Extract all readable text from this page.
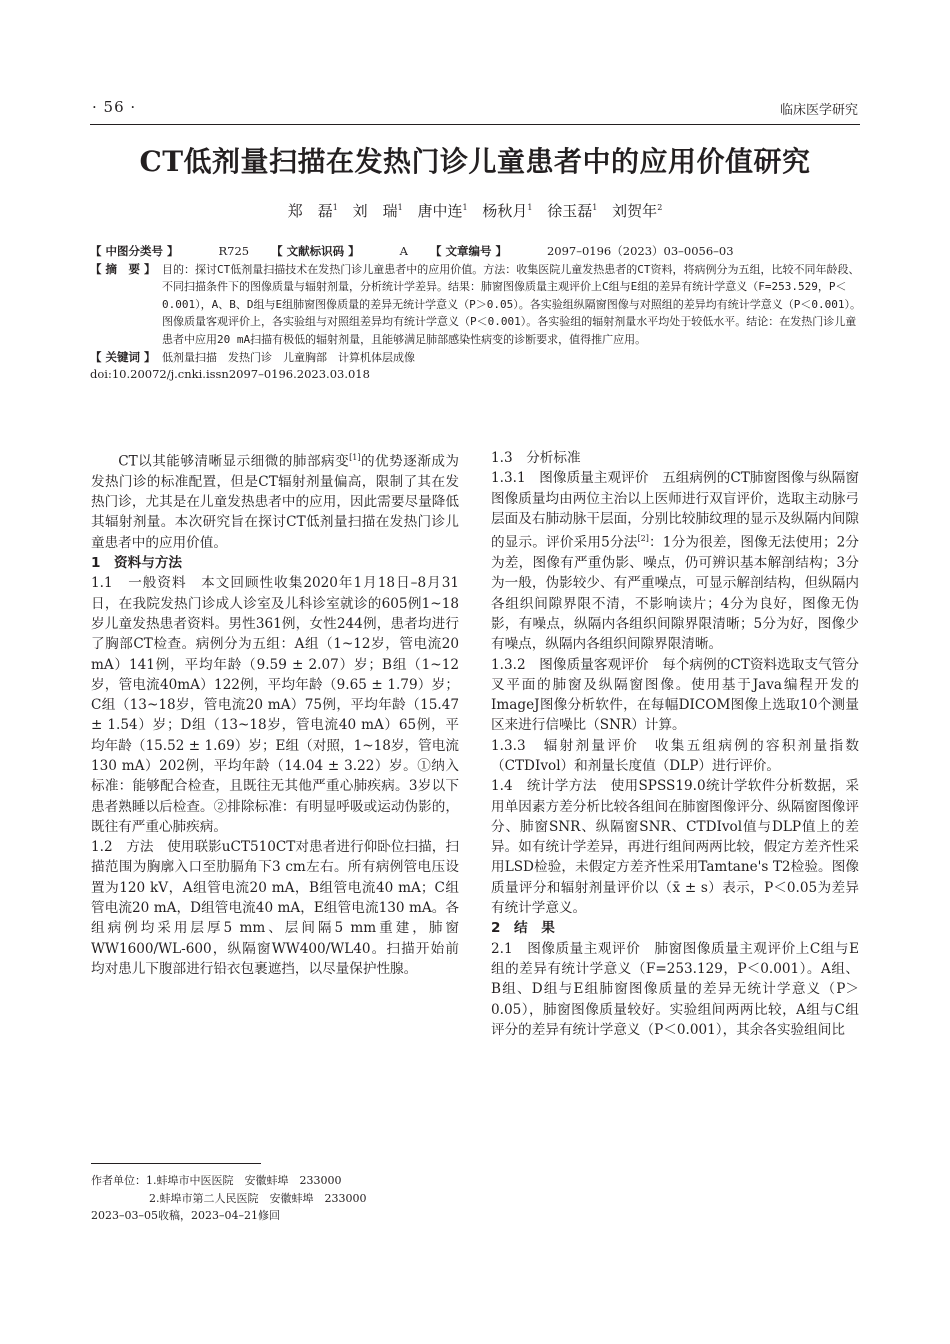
· 56 ·	临床医学研究
CT低剂量扫描在发热门诊儿童患者中的应用价值研究
郑　磊$^1$ 刘　瑞$^1$ 唐中连$^1$ 杨秋月$^1$ 徐玉磊$^1$ 刘贺年$^2$
【 中图分类号 】	R725 【 文献标识码 】	A 【 文章编号 】	2097–0196（2023）03–0056–03
【 摘　要 】 目的：探讨CT低剂量扫描技术在发热门诊儿童患者中的应用价值。方法：收集医院儿童发热患者的CT资料，将病例分为五组，比较不同年龄段、不同扫描条件下的图像质量与辐射剂量，分析统计学差异。结果：肺窗图像质量主观评价上C组与E组的差异有统计学意义（F=253.529，P＜0.001），A、B、D组与E组肺窗图像质量的差异无统计学意义（P＞0.05）。各实验组纵隔窗图像与对照组的差异均有统计学意义（P＜0.001）。图像质量客观评价上，各实验组与对照组差异均有统计学意义（P＜0.001）。各实验组的辐射剂量水平均处于较低水平。结论：在发热门诊儿童患者中应用20 mA扫描有极低的辐射剂量，且能够满足肺部感染性病变的诊断要求，值得推广应用。
【 关键词 】 低剂量扫描　发热门诊　儿童胸部　计算机体层成像
doi:10.20072/j.cnki.issn2097–0196.2023.03.018

CT以其能够清晰显示细微的肺部病变[1]的优势逐渐成为发热门诊的标准配置，但是CT辐射剂量偏高，限制了其在发热门诊，尤其是在儿童发热患者中的应用，因此需要尽量降低其辐射剂量。本次研究旨在探讨CT低剂量扫描在发热门诊儿童患者中的应用价值。

1　资料与方法

1.1　一般资料　本文回顾性收集2020年1月18日–8月31日，在我院发热门诊成人诊室及儿科诊室就诊的605例1~18岁儿童发热患者资料。男性361例，女性244例，患者均进行了胸部CT检查。病例分为五组：A组（1~12岁，管电流20 mA）141例，平均年龄（9.59 ± 2.07）岁；B组（1~12岁，管电流40mA）122例，平均年龄（9.65 ± 1.79）岁；C组（13~18岁，管电流20 mA）75例，平均年龄（15.47 ± 1.54）岁；D组（13~18岁，管电流40 mA）65例，平均年龄（15.52 ± 1.69）岁；E组（对照，1~18岁，管电流130 mA）202例，平均年龄（14.04 ± 3.22）岁。①纳入标准：能够配合检查，且既往无其他严重心肺疾病。3岁以下患者熟睡以后检查。②排除标准：有明显呼吸或运动伪影的，既往有严重心肺疾病。

1.2　方法　使用联影uCT510CT对患者进行仰卧位扫描，扫描范围为胸廓入口至肋膈角下3 cm左右。所有病例管电压设置为120 kV，A组管电流20 mA，B组管电流40 mA；C组管电流20 mA，D组管电流40 mA，E组管电流130 mA。各组病例均采用层厚5 mm、层间隔5 mm重建，肺窗WW1600/WL-600，纵隔窗WW400/WL40。扫描开始前均对患儿下腹部进行铅衣包裹遮挡，以尽量保护性腺。

作者单位：1.蚌埠市中医医院　安徽蚌埠　233000
2.蚌埠市第二人民医院　安徽蚌埠　233000
2023–03–05收稿，2023–04–21修回

1.3　分析标准

1.3.1　图像质量主观评价　五组病例的CT肺窗图像与纵隔窗图像质量均由两位主治以上医师进行双盲评价，选取主动脉弓层面及右肺动脉干层面，分别比较肺纹理的显示及纵隔内间隙的显示。评价采用5分法[2]：1分为很差，图像无法使用；2分为差，图像有严重伪影、噪点，仍可辨识基本解剖结构；3分为一般，伪影较少、有严重噪点，可显示解剖结构，但纵隔内各组织间隙界限不清，不影响读片；4分为良好，图像无伪影，有噪点，纵隔内各组织间隙界限清晰；5分为好，图像少有噪点，纵隔内各组织间隙界限清晰。

1.3.2　图像质量客观评价　每个病例的CT资料选取支气管分叉平面的肺窗及纵隔窗图像。使用基于Java编程开发的ImageJ图像分析软件，在每幅DICOM图像上选取10个测量区来进行信噪比（SNR）计算。

1.3.3　辐射剂量评价　收集五组病例的容积剂量指数（CTDIvol）和剂量长度值（DLP）进行评价。

1.4　统计学方法　使用SPSS19.0统计学软件分析数据，采用单因素方差分析比较各组间在肺窗图像评分、纵隔窗图像评分、肺窗SNR、纵隔窗SNR、CTDIvol值与DLP值上的差异。如有统计学差异，再进行组间两两比较，假定方差齐性采用LSD检验，未假定方差齐性采用Tamtane's T2检验。图像质量评分和辐射剂量评价以（x̄ ± s）表示，P＜0.05为差异有统计学意义。

2　结　果

2.1　图像质量主观评价　肺窗图像质量主观评价上C组与E组的差异有统计学意义（F=253.129，P＜0.001）。A组、B组、D组与E组肺窗图像质量的差异无统计学意义（P＞0.05），肺窗图像质量较好。实验组间两两比较，A组与C组评分的差异有统计学意义（P＜0.001），其余各实验组间比
